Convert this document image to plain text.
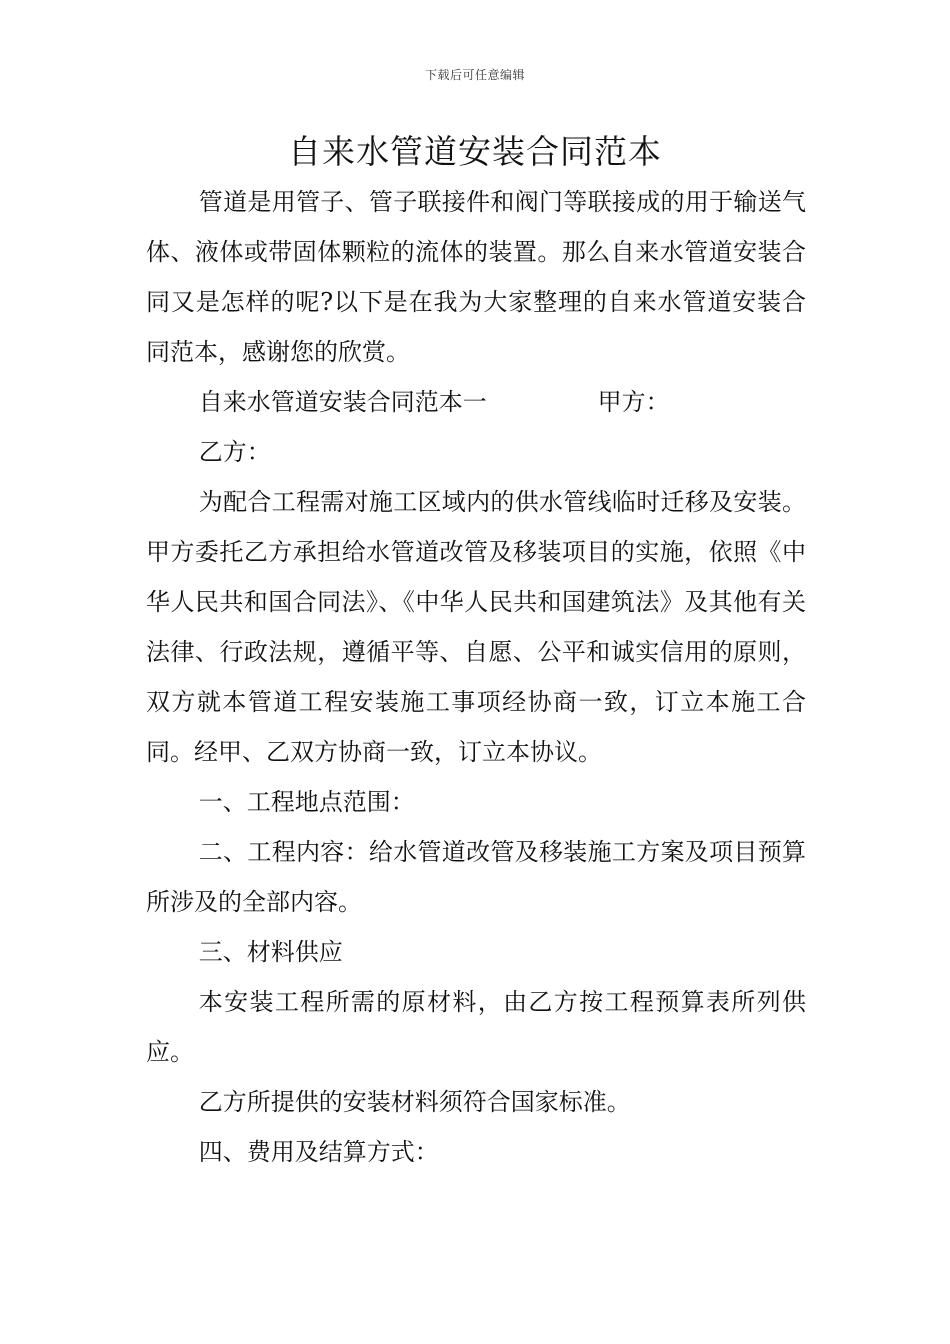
下载后可任意编辑
自来水管道安装合同范本

管道是用管子、管子联接件和阀门等联接成的用于输送气体、液体或带固体颗粒的流体的装置。那么自来水管道安装合同又是怎样的呢?以下是在我为大家整理的自来水管道安装合同范本，感谢您的欣赏。

自来水管道安装合同范本一	甲方：

乙方：

为配合工程需对施工区域内的供水管线临时迁移及安装。甲方委托乙方承担给水管道改管及移装项目的实施，依照《中华人民共和国合同法》、《中华人民共和国建筑法》及其他有关法律、行政法规，遵循平等、自愿、公平和诚实信用的原则，双方就本管道工程安装施工事项经协商一致，订立本施工合同。经甲、乙双方协商一致，订立本协议。

一、工程地点范围：

二、工程内容：给水管道改管及移装施工方案及项目预算所涉及的全部内容。

三、材料供应

本安装工程所需的原材料，由乙方按工程预算表所列供应。

乙方所提供的安装材料须符合国家标准。

四、费用及结算方式：
